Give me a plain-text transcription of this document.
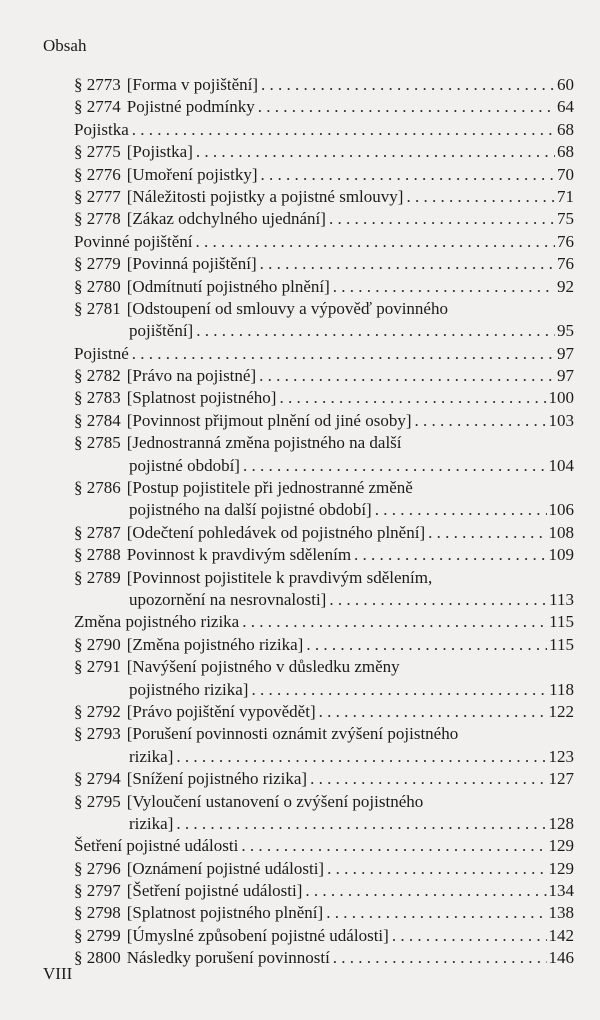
Obsah
§ 2773 [Forma v pojištění] . . .	60
§ 2774 Pojistné podmínky . . .	64
Pojistka . . .	68
§ 2775 [Pojistka] . . .	68
§ 2776 [Umoření pojistky] . . .	70
§ 2777 [Náležitosti pojistky a pojistné smlouvy] . . .	71
§ 2778 [Zákaz odchylného ujednání] . . .	75
Povinné pojištění . . .	76
§ 2779 [Povinná pojištění] . . .	76
§ 2780 [Odmítnutí pojistného plnění] . . .	92
§ 2781 [Odstoupení od smlouvy a výpověď povinného
pojištění] . . .	95
Pojistné . . .	97
§ 2782 [Právo na pojistné] . . .	97
§ 2783 [Splatnost pojistného] . . .	100
§ 2784 [Povinnost přijmout plnění od jiné osoby] . . .	103
§ 2785 [Jednostranná změna pojistného na další
pojistné období] . . .	104
§ 2786 [Postup pojistitele při jednostranné změně
pojistného na další pojistné období] . . .	106
§ 2787 [Odečtení pohledávek od pojistného plnění] . . .	108
§ 2788 Povinnost k pravdivým sdělením . . .	109
§ 2789 [Povinnost pojistitele k pravdivým sdělením,
upozornění na nesrovnalosti] . . .	113
Změna pojistného rizika . . .	115
§ 2790 [Změna pojistného rizika] . . .	115
§ 2791 [Navýšení pojistného v důsledku změny
pojistného rizika] . . .	118
§ 2792 [Právo pojištění vypovědět] . . .	122
§ 2793 [Porušení povinnosti oznámit zvýšení pojistného
rizika] . . .	123
§ 2794 [Snížení pojistného rizika] . . .	127
§ 2795 [Vyloučení ustanovení o zvýšení pojistného
rizika] . . .	128
Šetření pojistné události . . .	129
§ 2796 [Oznámení pojistné události] . . .	129
§ 2797 [Šetření pojistné události] . . .	134
§ 2798 [Splatnost pojistného plnění] . . .	138
§ 2799 [Úmyslné způsobení pojistné události] . . .	142
§ 2800 Následky porušení povinností . . .	146
VIII
